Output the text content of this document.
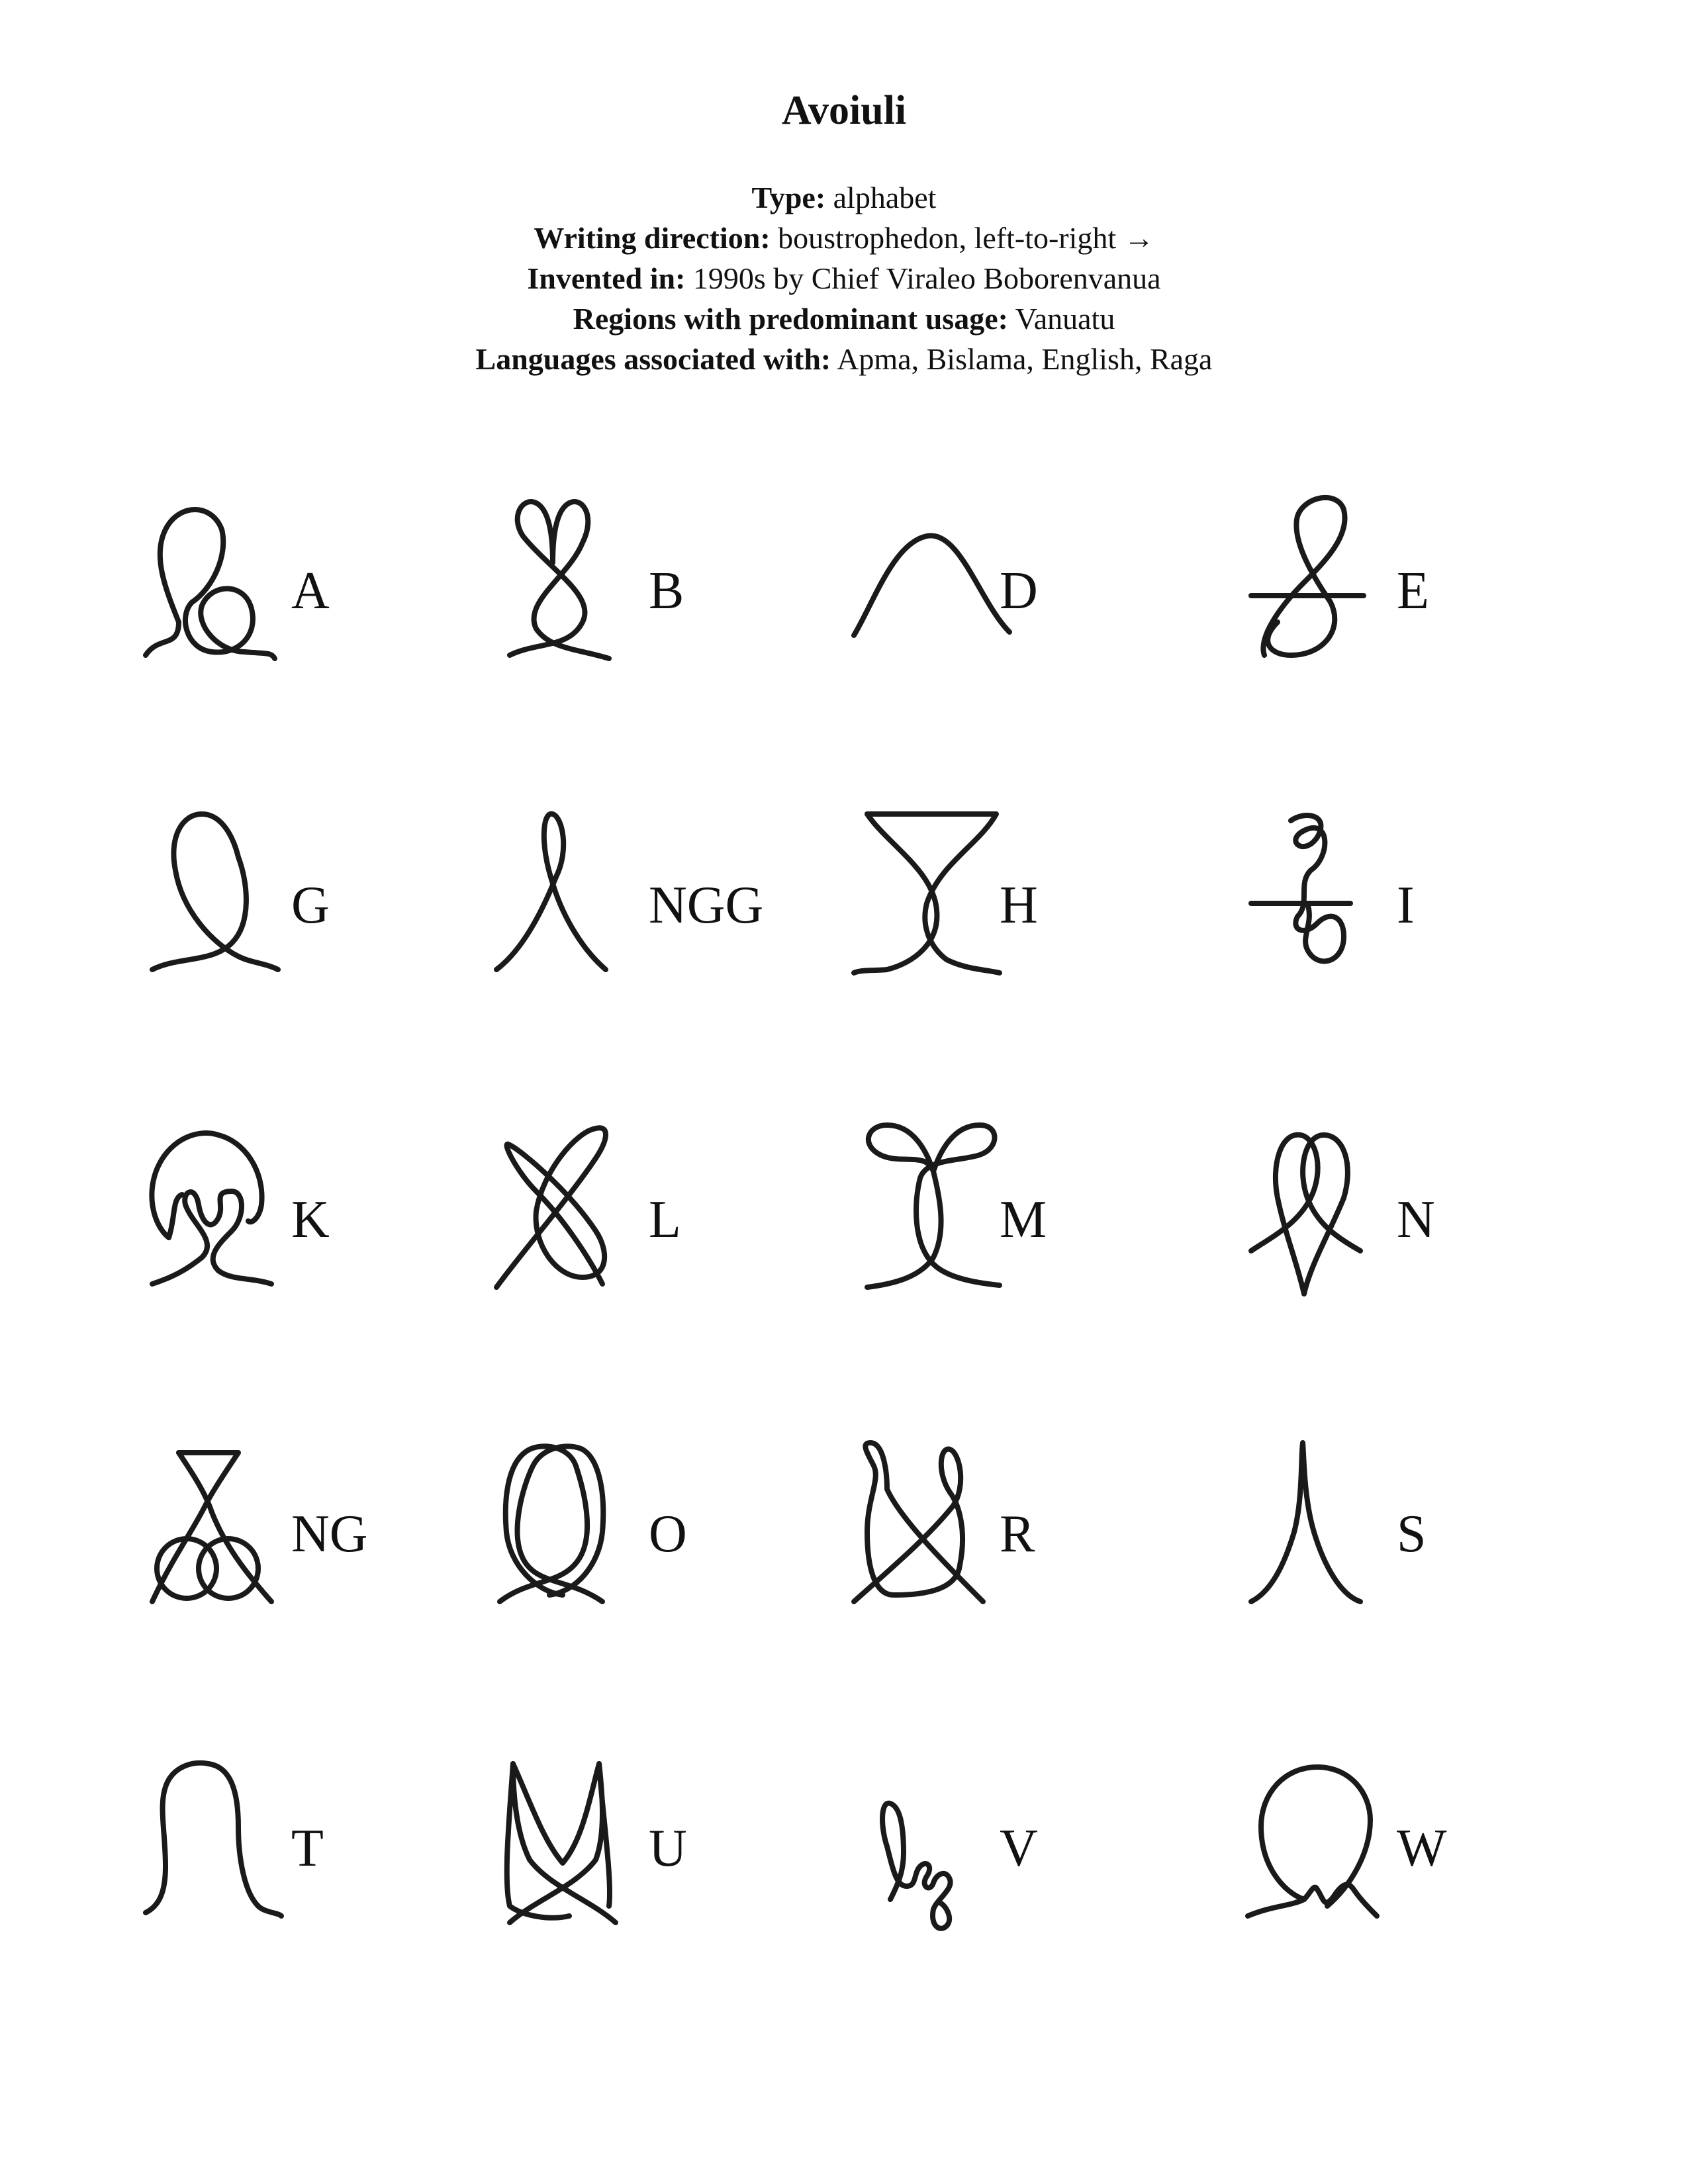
Avoiuli
Type: alphabet
Writing direction: boustrophedon, left-to-right →
Invented in: 1990s by Chief Viraleo Boborenvanua
Regions with predominant usage: Vanuatu
Languages associated with: Apma, Bislama, English, Raga
A	B	D	E
G	NGG	H	I
K	L	M	N
NG	O	R	S
T	U	V	W
